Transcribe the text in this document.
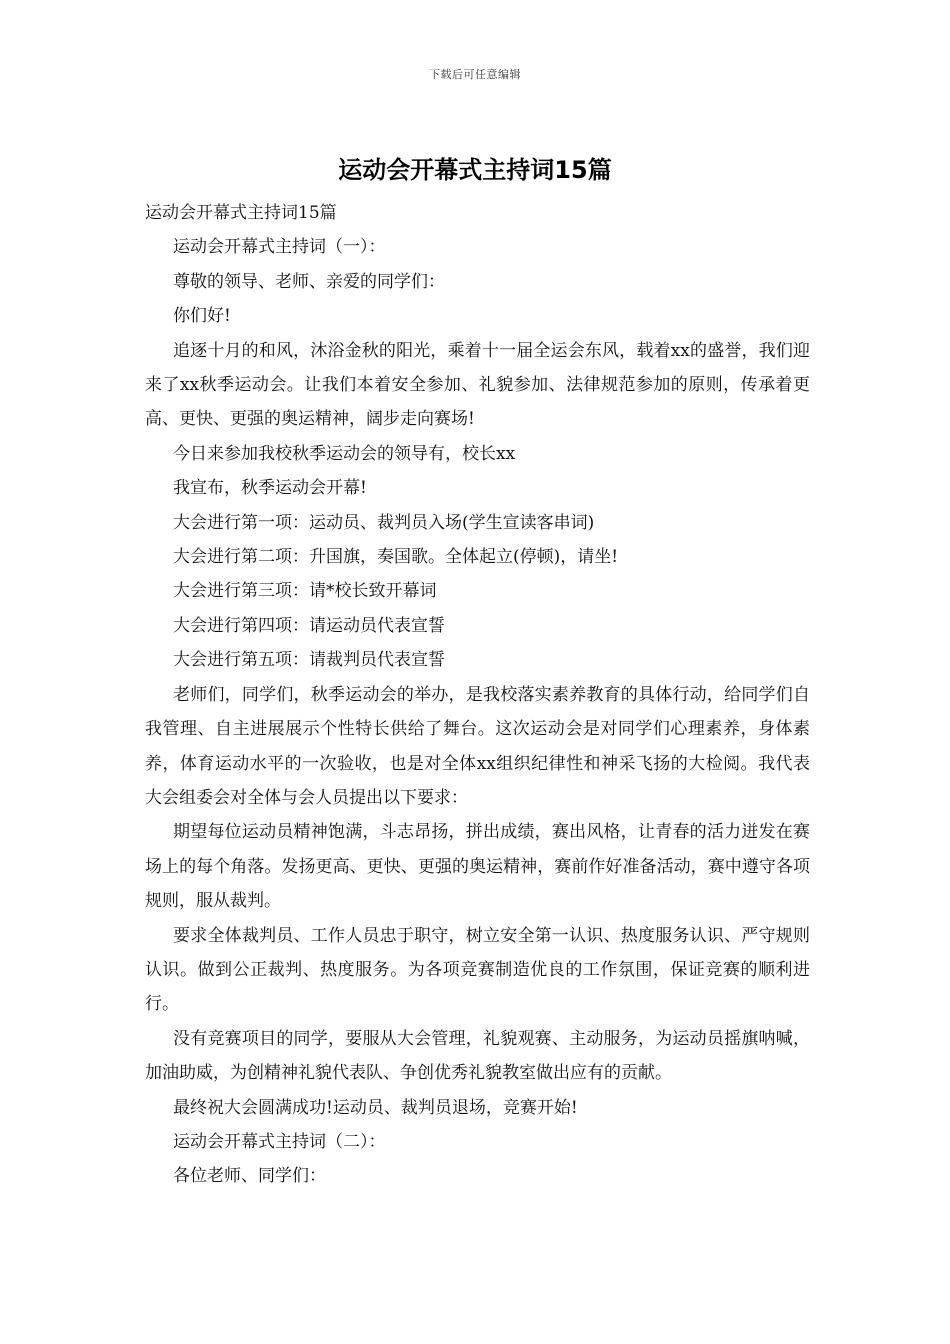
下载后可任意编辑
运动会开幕式主持词15篇

运动会开幕式主持词15篇

运动会开幕式主持词（一）：

尊敬的领导、老师、亲爱的同学们：

你们好!

追逐十月的和风，沐浴金秋的阳光，乘着十一届全运会东风，载着xx的盛誉，我们迎来了xx秋季运动会。让我们本着安全参加、礼貌参加、法律规范参加的原则，传承着更高、更快、更强的奥运精神，阔步走向赛场!

今日来参加我校秋季运动会的领导有，校长xx

我宣布，秋季运动会开幕!

大会进行第一项：运动员、裁判员入场(学生宣读客串词)

大会进行第二项：升国旗，奏国歌。全体起立(停顿)，请坐!

大会进行第三项：请*校长致开幕词

大会进行第四项：请运动员代表宣誓

大会进行第五项：请裁判员代表宣誓

老师们，同学们，秋季运动会的举办，是我校落实素养教育的具体行动，给同学们自我管理、自主进展展示个性特长供给了舞台。这次运动会是对同学们心理素养，身体素养，体育运动水平的一次验收，也是对全体xx组织纪律性和神采飞扬的大检阅。我代表大会组委会对全体与会人员提出以下要求：

期望每位运动员精神饱满，斗志昂扬，拼出成绩，赛出风格，让青春的活力迸发在赛场上的每个角落。发扬更高、更快、更强的奥运精神，赛前作好准备活动，赛中遵守各项规则，服从裁判。

要求全体裁判员、工作人员忠于职守，树立安全第一认识、热度服务认识、严守规则认识。做到公正裁判、热度服务。为各项竞赛制造优良的工作氛围，保证竞赛的顺利进行。

没有竞赛项目的同学，要服从大会管理，礼貌观赛、主动服务，为运动员摇旗呐喊，加油助威，为创精神礼貌代表队、争创优秀礼貌教室做出应有的贡献。

最终祝大会圆满成功!运动员、裁判员退场，竞赛开始!

运动会开幕式主持词（二）：

各位老师、同学们：
